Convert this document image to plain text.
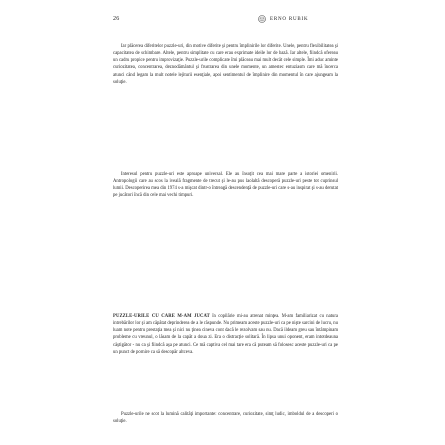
26	ERNO RUBIK

Iar plăcerea diferitelor puzzle-uri, din motive diferite şi pentru împlinirile lor diferite. Unele, pentru flexibilitatea şi capacitatea de schimbare. Altele, pentru simplitate cu care erau exprimate ideile lor de bază. Iar altele, fiindcă ofereau un cadru propice pentru improvizaţie. Puzzle-urile complicate îmi plăceau mai mult decât cele simple. Îmi aduc aminte curiozitatea, concentrarea, deznodământul şi frustrarea din unele momente, un amestec entuziasm care mă încerca atunci când legam la mult notele lejiturii esenţiale, apoi sentimentul de împlinire din momentul în care ajungeam la soluţie.

Interesul pentru puzzle-uri este aproape universal. Ele au însoţit cea mai mare parte a istoriei omenirii. Antropologii care au scos la iveală fragmente de trecut şi le-au pus laolaltă descoperă puzzle-uri peste tot cuprinsul lumii. Descoperirea mea din 1974 s-a mişcat dintr-o întreagă descendenţă de puzzle-uri care s-au inspirat şi s-au derutat pe jucători încă din cele mai vechi timpuri.

PUZZLE-URILE CU CARE M-AM JUCAT în copilărie mi-au atrenat minţea. M-am familiarizat cu natura intrebărilor lor şi am căpătat deprinderea de a le răspunde. Nu primeam aceste puzzle-uri ca pe nişte sarcini de lucru, nu luam note pentru prestaţia mea şi nici nu ţinea cineva cont dacă le rezolvam sau nu. Dacă ildeam greu sau întâmpinam probleme cu vreunul, o lăsam de la capăt a doua zi. Era o distracţie solitară. În lipsa unui oponent, eram intotdeauna câştigător - nu ca şi fiindcă aşa pe atunci. Ce mă captiva cel mai tare era că puteam să folosesc aceste puzzle-uri ca pe un punct de pornire ca să descopăr altceva.

Puzzle-urile ne scot la lumină calităţi importante: concentrare, curiozitate, simţ ludic, imboldul de a descoperi o soluţie.
